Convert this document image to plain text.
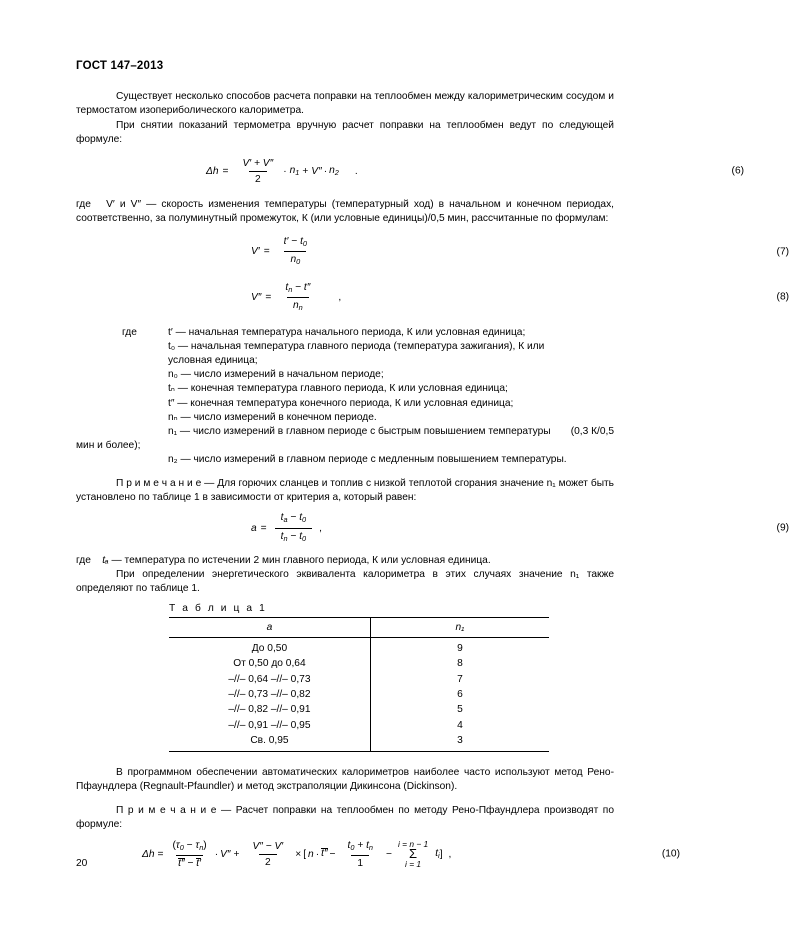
ГОСТ 147–2013

Существует несколько способов расчета поправки на теплообмен между калориметрическим сосудом и термостатом изопериболического калориметра.

При снятии показаний термометра вручную расчет поправки на теплообмен ведут по следующей формуле:

$\Delta h = \frac{V' + V''}{2} \cdot n_1 + V'' \cdot n_2$ .	(6)

где V′ и V″ — скорость изменения температуры (температурный ход) в начальном и конечном периодах, соответственно, за полуминутный промежуток, К (или условные единицы)/0,5 мин, рассчитанные по формулам:

$V' = \frac{t' - t_0}{n_0}$	(7)
$V'' = \frac{t_n - t''}{n_n}$ ,	(8)
где	t′ — начальная температура начального периода, К или условная единица;
t₀ — начальная температура главного периода (температура зажигания), К или
условная единица;
n₀ — число измерений в начальном периоде;
tₙ — конечная температура главного периода, К или условная единица;
t″ — конечная температура конечного периода, К или условная единица;
nₙ — число измерений в конечном периоде.
n₁ — число измерений в главном периоде с быстрым повышением температуры (0,3 К/0,5
мин и более);
n₂ — число измерений в главном периоде с медленным повышением температуры.

П р и м е ч а н и е — Для горючих сланцев и топлив с низкой теплотой сгорания значение n₁ может быть установлено по таблице 1 в зависимости от критерия a, который равен:

$a = \frac{t_a - t_0}{t_n - t_0}$ ,	(9)

где tₐ — температура по истечении 2 мин главного периода, К или условная единица.

При определении энергетического эквивалента калориметра в этих случаях значение n₁ также определяют по таблице 1.

Т а б л и ц а 1
a	n₁
До 0,50	9
От 0,50 до 0,64	8
–//– 0,64 –//– 0,73	7
–//– 0,73 –//– 0,82	6
–//– 0,82 –//– 0,91	5
–//– 0,91 –//– 0,95	4
Св. 0,95	3

В программном обеспечении автоматических калориметров наиболее часто используют метод Рено-Пфаундлера (Regnault-Pfaundler) и метод экстраполяции Дикинсона (Dickinson).

П р и м е ч а н и е — Расчет поправки на теплообмен по методу Рено-Пфаундлера производят по формуле:

$\Delta h = \frac{(\tau_0 - \tau_n)}{t'' - t'} \cdot V'' + \frac{V'' - V'}{2}$ × [ $n \cdot t'' - \frac{t_0 + t_n}{1}$ −
i = n − 1
Σ
i = 1
$t_i$ ] ,	(10)
20
